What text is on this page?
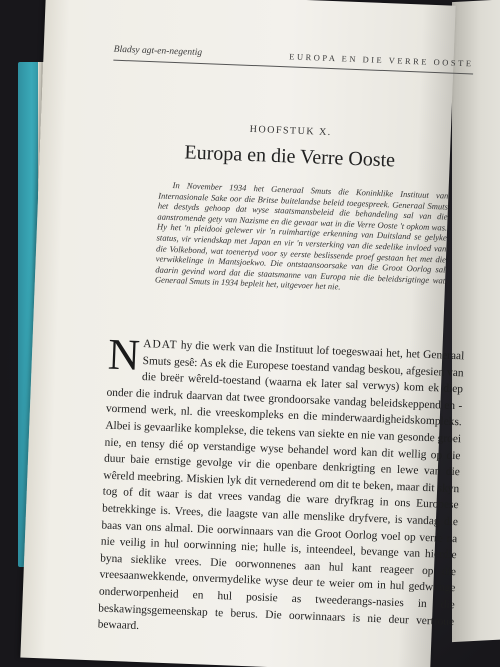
Bladsy agt-en-negentig
EUROPA EN DIE VERRE OOSTE
HOOFSTUK X.
Europa en die Verre Ooste
In November 1934 het Generaal Smuts die Koninklike Instituut van Internasionale Sake oor die Britse buitelandse beleid toegespreek. Generaal Smuts het destyds gehoop dat wyse staatsmansbeleid die behandeling sal van die aanstromende gety van Nazisme en die gevaar wat in die Verre Ooste 't opkom was. Hy het 'n pleidooi gelewer vir 'n ruimhartige erkenning van Duitsland se gelyke status, vir vriendskap met Japan en vir 'n versterking van die sedelike invloed van die Volkebond, wat toenertyd voor sy eerste beslissende proef gestaan het met die verwikkelinge in Mantsjoekwo. Die ontstaansoorsake van die Groot Oorlog sal daarin gevind word dat die staatsmanne van Europa nie die beleidsrigtinge wat Generaal Smuts in 1934 bepleit het, uitgevoer het nie.
NADAT hy die werk van die Instituut lof toegeswaai het, het Generaal Smuts gesê: As ek die Europese toestand vandag beskou, afgesien van die breër wêreld-toestand (waarna ek later sal verwys) kom ek diep onder die indruk daarvan dat twee grondoorsake vandag beleidskeppend en -vormend werk, nl. die vreeskompleks en die minderwaardigheidskompleks. Albei is gevaarlike komplekse, die tekens van siekte en nie van gesonde groei nie, en tensy dié op verstandige wyse behandel word kan dit wellig op die duur baie ernstige gevolge vir die openbare denkrigting en lewe van die wêreld meebring. Miskien lyk dit vernederend om dit te beken, maar dit skyn tog of dit waar is dat vrees vandag die ware dryfkrag in ons Europese betrekkinge is. Vrees, die laagste van alle menslike dryfvere, is vandag die baas van ons almal. Die oorwinnaars van die Groot Oorlog voel op verre na nie veilig in hul oorwinning nie; hulle is, inteendeel, bevange van hierdie byna sieklike vrees. Die oorwonnenes aan hul kant reageer op die vreesaanwekkende, onvermydelike wyse deur te weier om in hul gedwonge onderworpenheid en hul posisie as tweederangs-nasies in die beskawingsgemeenskap te berus. Die oorwinnaars is nie deur vertroue bewaard.
